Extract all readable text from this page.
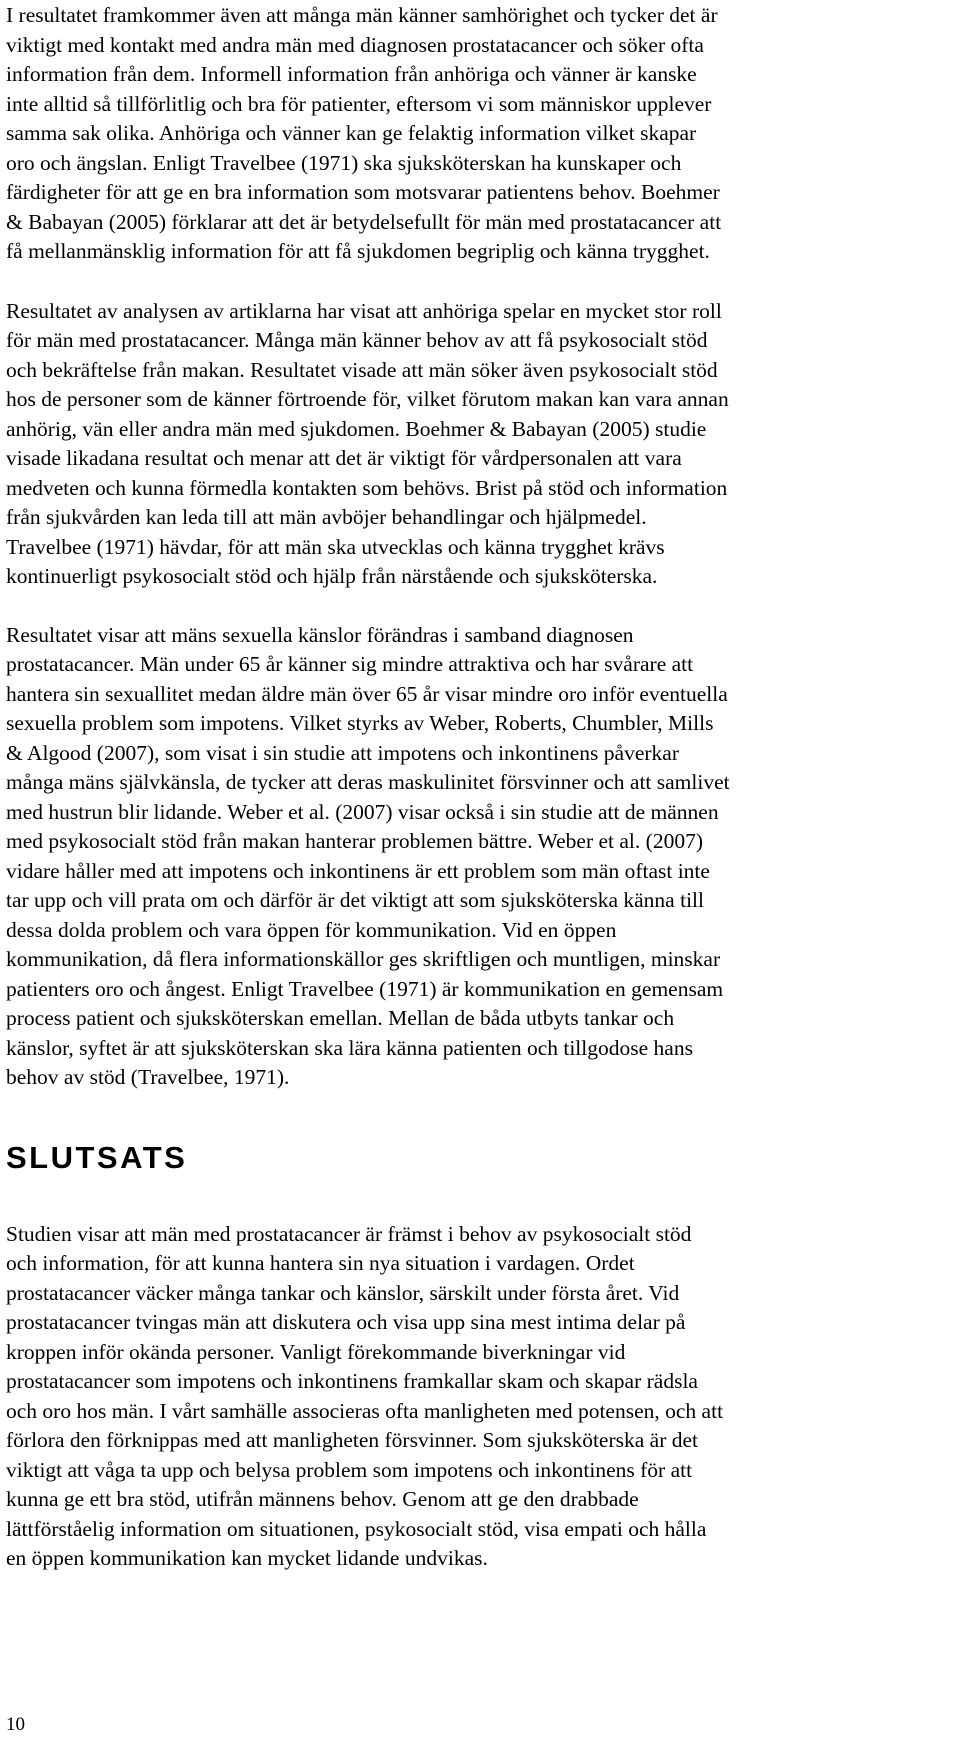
I resultatet framkommer även att många män känner samhörighet och tycker det är
viktigt med kontakt med andra män med diagnosen prostatacancer och söker ofta
information från dem. Informell information från anhöriga och vänner är kanske
inte alltid så tillförlitlig och bra för patienter, eftersom vi som människor upplever
samma sak olika. Anhöriga och vänner kan ge felaktig information vilket skapar
oro och ängslan. Enligt Travelbee (1971) ska sjuksköterskan ha kunskaper och
färdigheter för att ge en bra information som motsvarar patientens behov. Boehmer
& Babayan (2005) förklarar att det är betydelsefullt för män med prostatacancer att
få mellanmänsklig information för att få sjukdomen begriplig och känna trygghet.

Resultatet av analysen av artiklarna har visat att anhöriga spelar en mycket stor roll
för män med prostatacancer. Många män känner behov av att få psykosocialt stöd
och bekräftelse från makan. Resultatet visade att män söker även psykosocialt stöd
hos de personer som de känner förtroende för, vilket förutom makan kan vara annan
anhörig, vän eller andra män med sjukdomen. Boehmer & Babayan (2005) studie
visade likadana resultat och menar att det är viktigt för vårdpersonalen att vara
medveten och kunna förmedla kontakten som behövs. Brist på stöd och information
från sjukvården kan leda till att män avböjer behandlingar och hjälpmedel.
Travelbee (1971) hävdar, för att män ska utvecklas och känna trygghet krävs
kontinuerligt psykosocialt stöd och hjälp från närstående och sjuksköterska.

Resultatet visar att mäns sexuella känslor förändras i samband diagnosen
prostatacancer. Män under 65 år känner sig mindre attraktiva och har svårare att
hantera sin sexuallitet medan äldre män över 65 år visar mindre oro inför eventuella
sexuella problem som impotens. Vilket styrks av Weber, Roberts, Chumbler, Mills
& Algood (2007), som visat i sin studie att impotens och inkontinens påverkar
många mäns självkänsla, de tycker att deras maskulinitet försvinner och att samlivet
med hustrun blir lidande. Weber et al. (2007) visar också i sin studie att de männen
med psykosocialt stöd från makan hanterar problemen bättre. Weber et al. (2007)
vidare håller med att impotens och inkontinens är ett problem som män oftast inte
tar upp och vill prata om och därför är det viktigt att som sjuksköterska känna till
dessa dolda problem och vara öppen för kommunikation. Vid en öppen
kommunikation, då flera informationskällor ges skriftligen och muntligen, minskar
patienters oro och ångest. Enligt Travelbee (1971) är kommunikation en gemensam
process patient och sjuksköterskan emellan. Mellan de båda utbyts tankar och
känslor, syftet är att sjuksköterskan ska lära känna patienten och tillgodose hans
behov av stöd (Travelbee, 1971).

SLUTSATS

Studien visar att män med prostatacancer är främst i behov av psykosocialt stöd
och information, för att kunna hantera sin nya situation i vardagen. Ordet
prostatacancer väcker många tankar och känslor, särskilt under första året. Vid
prostatacancer tvingas män att diskutera och visa upp sina mest intima delar på
kroppen inför okända personer. Vanligt förekommande biverkningar vid
prostatacancer som impotens och inkontinens framkallar skam och skapar rädsla
och oro hos män. I vårt samhälle associeras ofta manligheten med potensen, och att
förlora den förknippas med att manligheten försvinner. Som sjuksköterska är det
viktigt att våga ta upp och belysa problem som impotens och inkontinens för att
kunna ge ett bra stöd, utifrån männens behov. Genom att ge den drabbade
lättförståelig information om situationen, psykosocialt stöd, visa empati och hålla
en öppen kommunikation kan mycket lidande undvikas.

10
